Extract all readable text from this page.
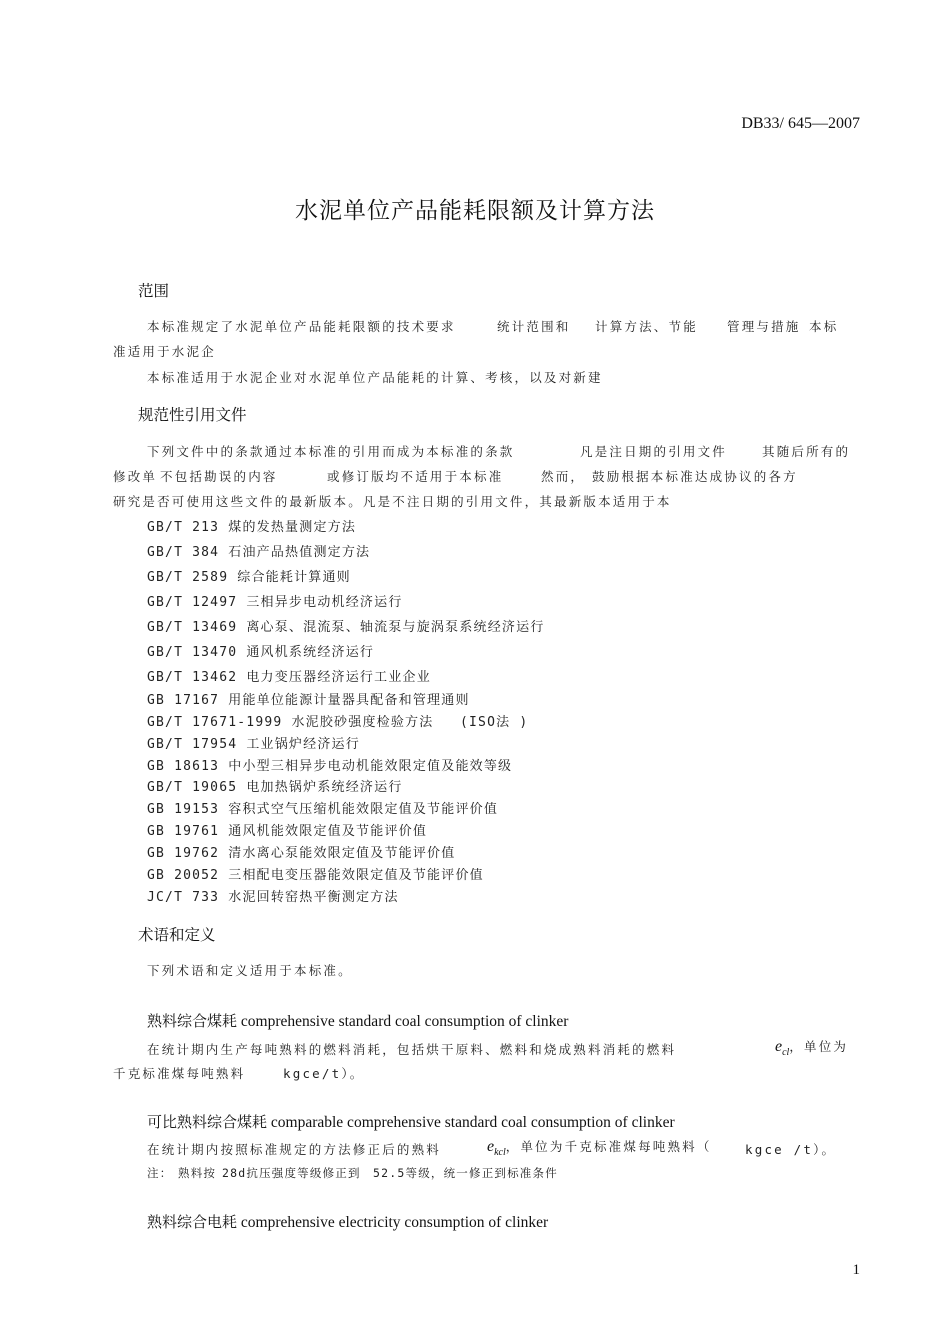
DB33/ 645—2007
水泥单位产品能耗限额及计算方法
范围
本标准规定了水泥单位产品能耗限额的技术要求	统计范围和 计算方法、节能 管理与措施 本标
准适用于水泥企
本标准适用于水泥企业对水泥单位产品能耗的计算、考核，以及对新建
规范性引用文件
下列文件中的条款通过本标准的引用而成为本标准的条款	凡是注日期的引用文件	其随后所有的
修改单 不包括勘误的内容	或修订版均不适用于本标准	然而， 鼓励根据本标准达成协议的各方
研究是否可使用这些文件的最新版本。凡是不注日期的引用文件，其最新版本适用于本
GB/T 213 煤的发热量测定方法
GB/T 384 石油产品热值测定方法
GB/T 2589 综合能耗计算通则
GB/T 12497 三相异步电动机经济运行
GB/T 13469 离心泵、混流泵、轴流泵与旋涡泵系统经济运行
GB/T 13470 通风机系统经济运行
GB/T 13462 电力变压器经济运行工业企业
GB 17167 用能单位能源计量器具配备和管理通则
GB/T 17671-1999 水泥胶砂强度检验方法 (ISO法 )
GB/T 17954 工业锅炉经济运行
GB 18613 中小型三相异步电动机能效限定值及能效等级
GB/T 19065 电加热锅炉系统经济运行
GB 19153 容积式空气压缩机能效限定值及节能评价值
GB 19761 通风机能效限定值及节能评价值
GB 19762 清水离心泵能效限定值及节能评价值
GB 20052 三相配电变压器能效限定值及节能评价值
JC/T 733 水泥回转窑热平衡测定方法
术语和定义
下列术语和定义适用于本标准。
熟料综合煤耗 comprehensive standard coal consumption of clinker
在统计期内生产每吨熟料的燃料消耗，包括烘干原料、燃料和烧成熟料消耗的燃料	$e_{cl}$，单位为
千克标准煤每吨熟料	kgce/t）。
可比熟料综合煤耗 comparable comprehensive standard coal consumption of clinker
在统计期内按照标准规定的方法修正后的熟料	$e_{kcl}$，单位为千克标准煤每吨熟料（	kgce /t）。
注： 熟料按 28d抗压强度等级修正到 52.5等级，统一修正到标准条件
熟料综合电耗 comprehensive electricity consumption of clinker
1
